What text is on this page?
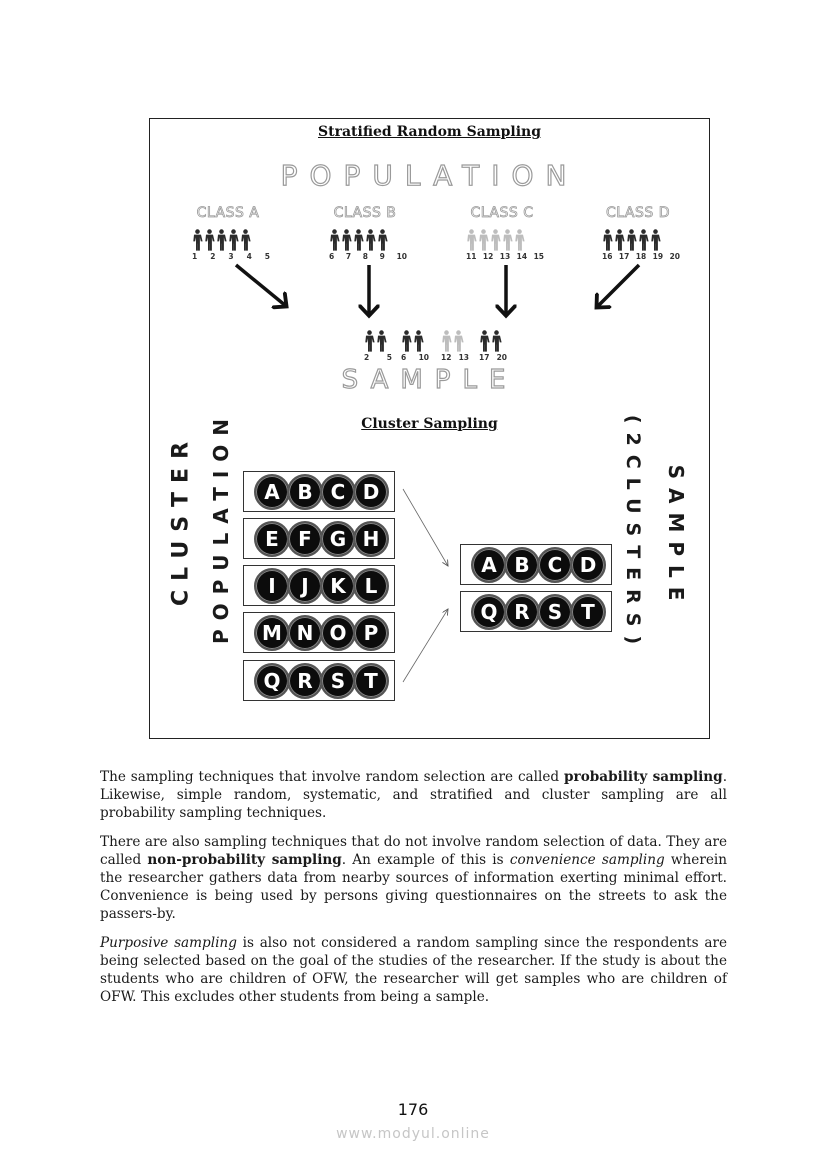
Stratified Random Sampling
POPULATION
CLASS A	CLASS B	CLASS C	CLASS D
1 2 3 4 5	6 7 8 9 10	11 12 13 14 15	16 17 18 19 20
2 5 6 10 12 13 17 20
SAMPLE
Cluster Sampling
CLUSTER POPULATION	(2CLUSTERS) SAMPLE
A B C D
E F G H
I	J	K L
M N O P
Q R S T
A B C D
Q R S T

The sampling techniques that involve random selection are called probability sampling. Likewise, simple random, systematic, and stratified and cluster sampling are all probability sampling techniques.

There are also sampling techniques that do not involve random selection of data. They are called non-probability sampling. An example of this is convenience sampling wherein the researcher gathers data from nearby sources of information exerting minimal effort. Convenience is being used by persons giving questionnaires on the streets to ask the passers-by.

Purposive sampling is also not considered a random sampling since the respondents are being selected based on the goal of the studies of the researcher. If the study is about the students who are children of OFW, the researcher will get samples who are children of OFW. This excludes other students from being a sample.

176
www.modyul.online
